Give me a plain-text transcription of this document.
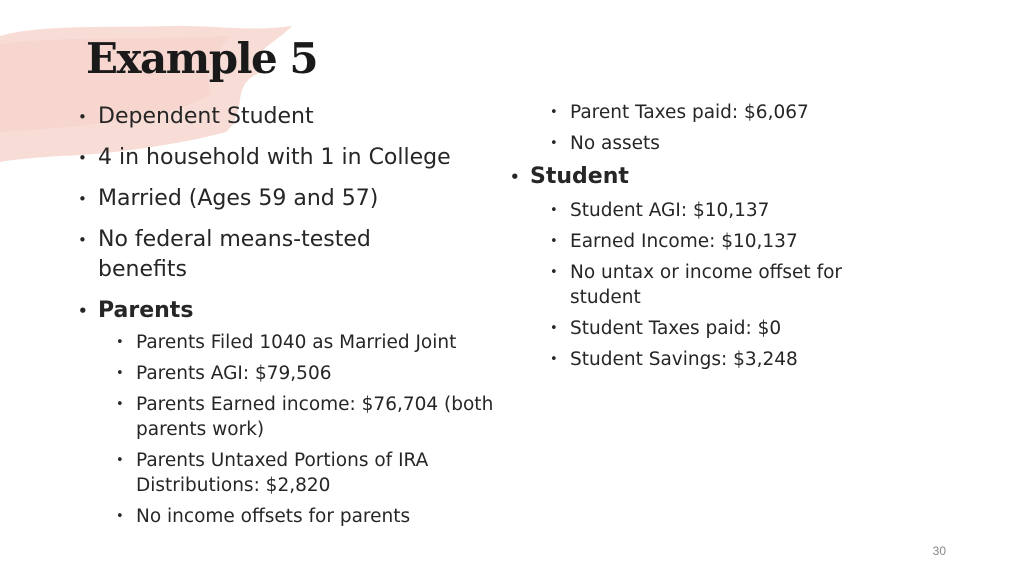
Example 5
• Dependent Student
• 4 in household with 1 in College
• Married (Ages 59 and 57)
• No federal means-tested benefits
• Parents
• Parents Filed 1040 as Married Joint
• Parents AGI: $79,506
• Parents Earned income: $76,704 (both parents work)
• Parents Untaxed Portions of IRA Distributions: $2,820
• No income offsets for parents
• Parent Taxes paid: $6,067
• No assets
• Student
• Student AGI: $10,137
• Earned Income: $10,137
• No untax or income offset for student
• Student Taxes paid: $0
• Student Savings: $3,248
30
